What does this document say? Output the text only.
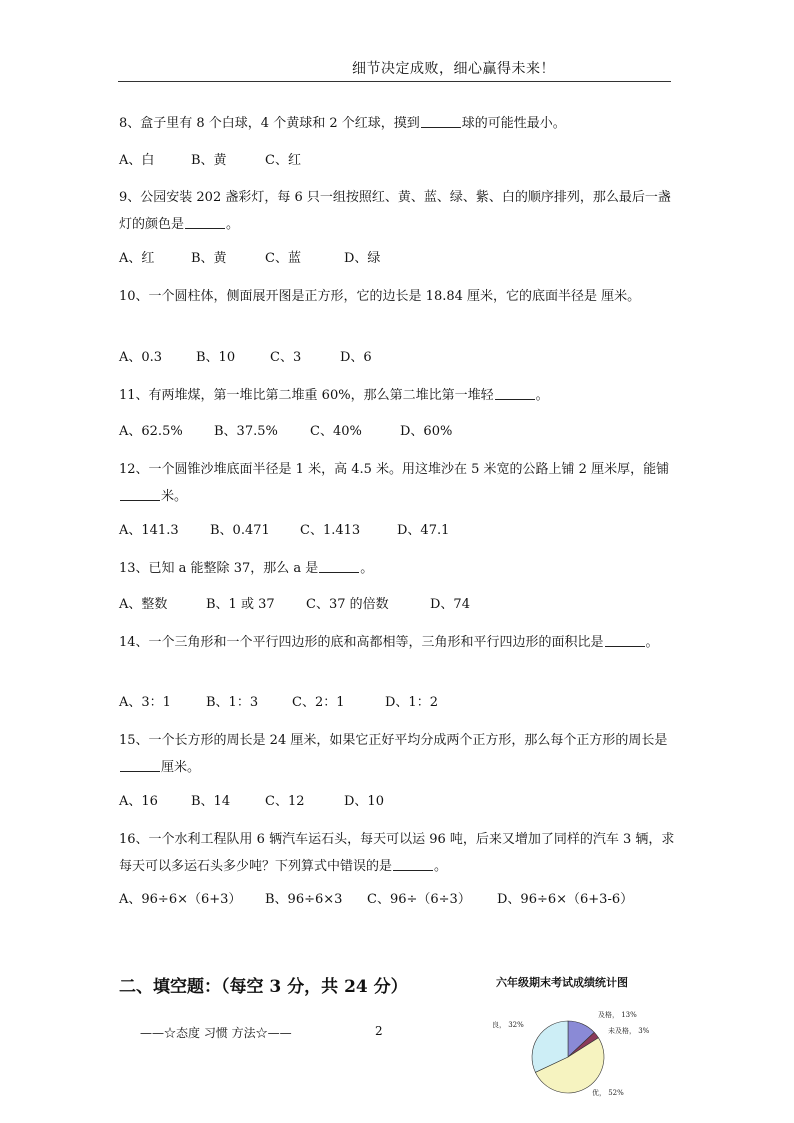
细节决定成败，细心赢得未来！
8、盒子里有 8 个白球，4 个黄球和 2 个红球，摸到	球的可能性最小。
A、白	B、黄	C、红
9、公园安装 202 盏彩灯，每 6 只一组按照红、黄、蓝、绿、紫、白的顺序排列，那么最后一盏灯的颜色是	。
A、红	B、黄	C、蓝	D、绿
10、一个圆柱体，侧面展开图是正方形，它的边长是 18.84 厘米，它的底面半径是 厘米。
A、0.3	B、10	C、3	D、6
11、有两堆煤，第一堆比第二堆重 60%，那么第二堆比第一堆轻	。
A、62.5% B、37.5% C、40%	D、60%
12、一个圆锥沙堆底面半径是 1 米，高 4.5 米。用这堆沙在 5 米宽的公路上铺 2 厘米厚，能铺米。
A、141.3 B、0.471 C、1.413	D、47.1
13、已知 a 能整除 37，那么 a 是	。
A、整数	B、1 或 37 C、37 的倍数	D、74
14、一个三角形和一个平行四边形的底和高都相等，三角形和平行四边形的面积比是	。
A、3：1	B、1：3	C、2：1	D、1：2
15、一个长方形的周长是 24 厘米，如果它正好平均分成两个正方形，那么每个正方形的周长是厘米。
A、16	B、14	C、12	D、10
16、一个水利工程队用 6 辆汽车运石头，每天可以运 96 吨，后来又增加了同样的汽车 3 辆，求每天可以多运石头多少吨？下列算式中错误的是	。
A、96÷6×（6+3） B、96÷6×3 C、96÷（6÷3） D、96÷6×（6+3-6）
二、填空题：（每空 3 分，共 24 分）	六年级期末考试成绩统计图
及格， 13%
未及格， 3%
优， 52%
良， 32%
——☆态度 习惯 方法☆——	2
